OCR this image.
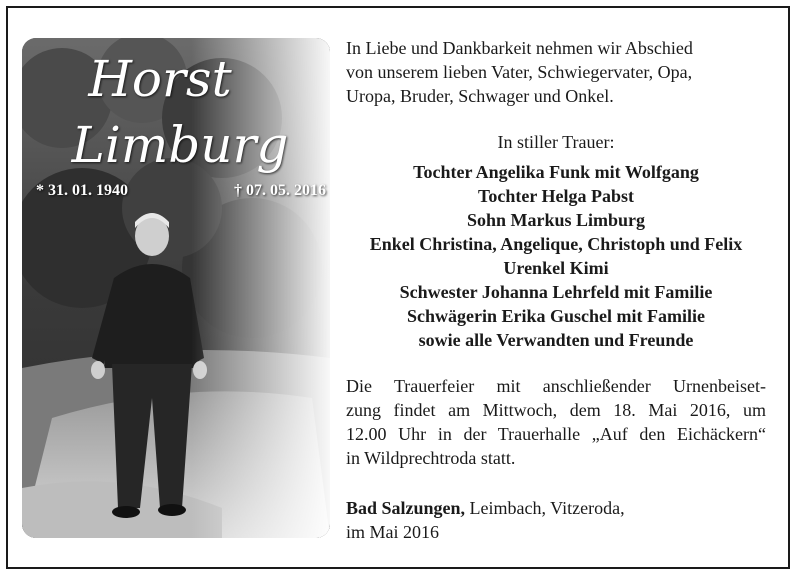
Horst
Limburg
* 31. 01. 1940	† 07. 05. 2016
In Liebe und Dankbarkeit nehmen wir Abschied
von unserem lieben Vater, Schwiegervater, Opa,
Uropa, Bruder, Schwager und Onkel.
In stiller Trauer:
Tochter Angelika Funk mit Wolfgang
Tochter Helga Pabst
Sohn Markus Limburg
Enkel Christina, Angelique, Christoph und Felix
Urenkel Kimi
Schwester Johanna Lehrfeld mit Familie
Schwägerin Erika Guschel mit Familie
sowie alle Verwandten und Freunde
Die Trauerfeier mit anschließender Urnenbeiset-
zung findet am Mittwoch, dem 18. Mai 2016, um
12.00 Uhr in der Trauerhalle „Auf den Eichäckern“
in Wildprechtroda statt.
Bad Salzungen, Leimbach, Vitzeroda,
im Mai 2016
